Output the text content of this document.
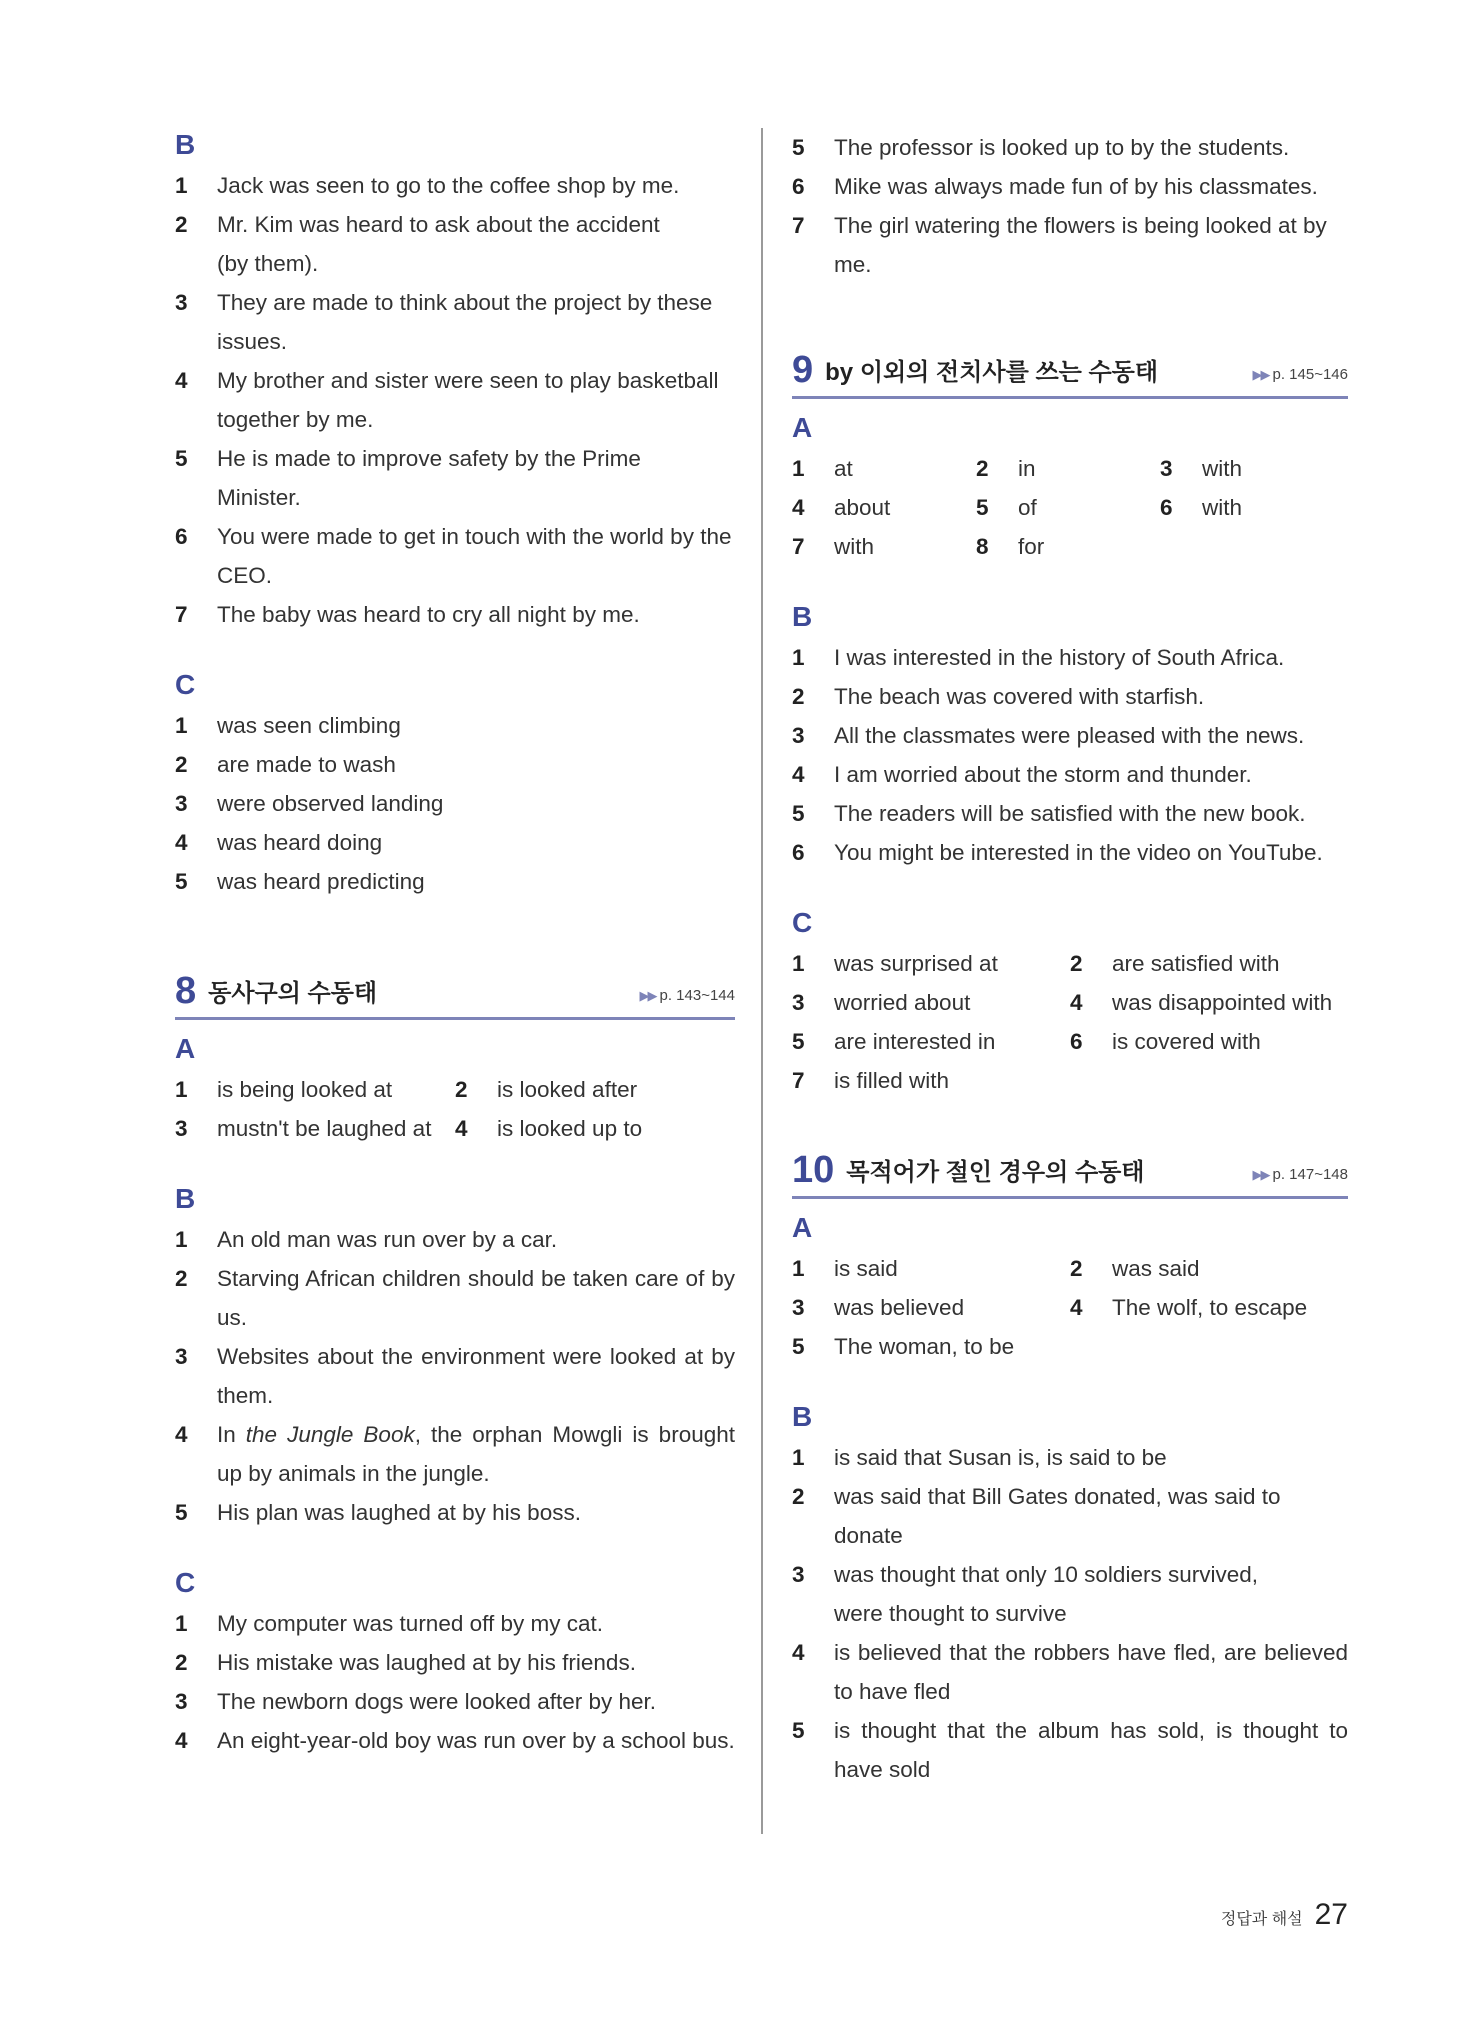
B
1	Jack was seen to go to the coffee shop by me.
2	Mr. Kim was heard to ask about the accident (by them).
3	They are made to think about the project by these issues.
4	My brother and sister were seen to play basketball together by me.
5	He is made to improve safety by the Prime Minister.
6	You were made to get in touch with the world by the CEO.
7	The baby was heard to cry all night by me.
C
1	was seen climbing
2	are made to wash
3	were observed landing
4	was heard doing
5	was heard predicting
8 동사구의 수동태	▶▶ p. 143~144
A
1	is being looked at	2	is looked after
3	mustn't be laughed at	4	is looked up to
B
1	An old man was run over by a car.
2	Starving African children should be taken care of by us.
3	Websites about the environment were looked at by them.
4	In the Jungle Book, the orphan Mowgli is brought up by animals in the jungle.
5	His plan was laughed at by his boss.
C
1	My computer was turned off by my cat.
2	His mistake was laughed at by his friends.
3	The newborn dogs were looked after by her.
4	An eight-year-old boy was run over by a school bus.
5	The professor is looked up to by the students.
6	Mike was always made fun of by his classmates.
7	The girl watering the flowers is being looked at by me.
9 by 이외의 전치사를 쓰는 수동태	▶▶ p. 145~146
A
1	at	2	in	3	with
4	about	5	of	6	with
7	with	8	for
B
1	I was interested in the history of South Africa.
2	The beach was covered with starfish.
3	All the classmates were pleased with the news.
4	I am worried about the storm and thunder.
5	The readers will be satisfied with the new book.
6	You might be interested in the video on YouTube.
C
1	was surprised at	2	are satisfied with
3	worried about	4	was disappointed with
5	are interested in	6	is covered with
7	is filled with
10 목적어가 절인 경우의 수동태	▶▶ p. 147~148
A
1	is said	2	was said
3	was believed	4	The wolf, to escape
5	The woman, to be
B
1	is said that Susan is, is said to be
2	was said that Bill Gates donated, was said to donate
3	was thought that only 10 soldiers survived, were thought to survive
4	is believed that the robbers have fled, are believed to have fled
5	is thought that the album has sold, is thought to have sold
정답과 해설 27
